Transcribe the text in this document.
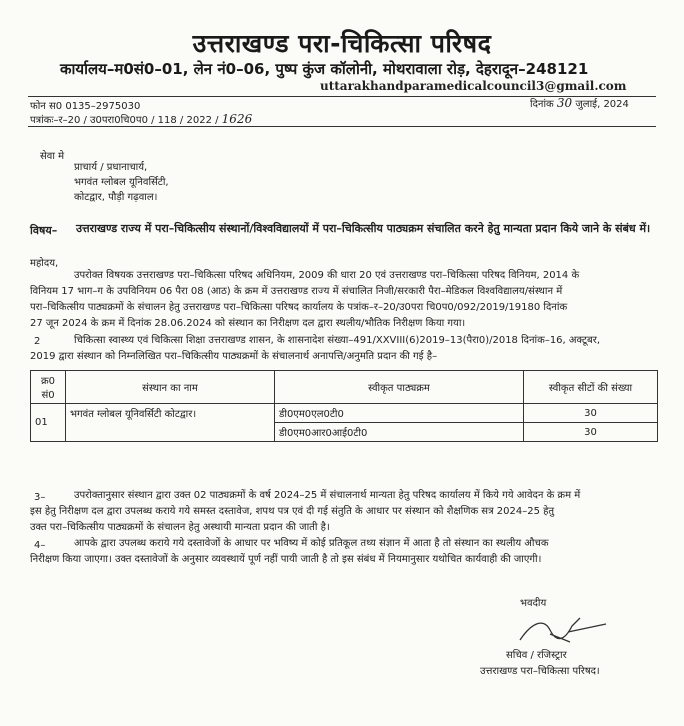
उत्तराखण्ड परा-चिकित्सा परिषद
कार्यालय–म0सं0–01, लेन नं0–06, पुष्प कुंज कॉलोनी, मोथरावाला रोड़, देहरादून–248121
uttarakhandparamedicalcouncil3@gmail.com
फोन स0 0135–2975030	दिनांक 30 जुलाई, 2024
पत्रांकः–र–20 / उ0परा0चि0प0 / 118 / 2022 / 1626
सेवा मे
प्राचार्य / प्रधानाचार्य,
भगवंत ग्लोबल यूनिवर्सिटी,
कोटद्वार, पौड़ी गढ़वाल।
विषय– उत्तराखण्ड राज्य में परा–चिकित्सीय संस्थानों/विश्वविद्यालयों में परा–चिकित्सीय पाठ्यक्रम संचालित करने हेतु मान्यता प्रदान किये जाने के संबंध में।
महोदय,
उपरोक्त विषयक उत्तराखण्ड परा–चिकित्सा परिषद अधिनियम, 2009 की धारा 20 एवं उत्तराखण्ड परा–चिकित्सा परिषद विनियम, 2014 के
विनियम 17 भाग–ग के उपविनियम 06 पैरा 08 (आठ) के क्रम में उत्तराखण्ड राज्य में संचालित निजी/सरकारी पैरा–मेडिकल विश्वविद्यालय/संस्थान में
परा–चिकित्सीय पाठ्यक्रमों के संचालन हेतु उत्तराखण्ड परा–चिकित्सा परिषद कार्यालय के पत्रांक–र–20/उ0परा चि0प0/092/2019/19180 दिनांक
27 जून 2024 के क्रम में दिनांक 28.06.2024 को संस्थान का निरीक्षण दल द्वारा स्थलीय/भौतिक निरीक्षण किया गया।
2	चिकित्सा स्वास्थ्य एवं चिकित्सा शिक्षा उत्तराखण्ड शासन, के शासनादेश संख्या–491/XXVIII(6)2019–13(पैरा0)/2018 दिनांक–16, अक्टूबर,
2019 द्वारा संस्थान को निम्नलिखित परा–चिकित्सीय पाठ्यक्रमों के संचालनार्थ अनापत्ति/अनुमति प्रदान की गई है–
क्र0 सं0	संस्थान का नाम	स्वीकृत पाठ्यक्रम	स्वीकृत सीटों की संख्या
01	भगवंत ग्लोबल यूनिवर्सिटी कोटद्वार।	डी0एम0एल0टी0	30
		डी0एम0आर0आई0टी0	30
3–	उपरोक्तानुसार संस्थान द्वारा उक्त 02 पाठ्यक्रमों के वर्ष 2024–25 में संचालनार्थ मान्यता हेतु परिषद कार्यालय में किये गये आवेदन के क्रम में
इस हेतु निरीक्षण दल द्वारा उपलब्ध कराये गये समस्त दस्तावेज, शपथ पत्र एवं दी गई संतुति के आधार पर संस्थान को शैक्षणिक सत्र 2024–25 हेतु
उक्त परा–चिकित्सीय पाठ्यक्रमों के संचालन हेतु अस्थायी मान्यता प्रदान की जाती है।
4–	आपके द्वारा उपलब्ध कराये गये दस्तावेजों के आधार पर भविष्य में कोई प्रतिकूल तथ्य संज्ञान में आता है तो संस्थान का स्थलीय औचक
निरीक्षण किया जाएगा। उक्त दस्तावेजों के अनुसार व्यवस्थायें पूर्ण नहीं पायी जाती है तो इस संबंध में नियमानुसार यथोचित कार्यवाही की जाएगी।
भवदीय
सचिव / रजिस्ट्रार
उत्तराखण्ड परा–चिकित्सा परिषद।
